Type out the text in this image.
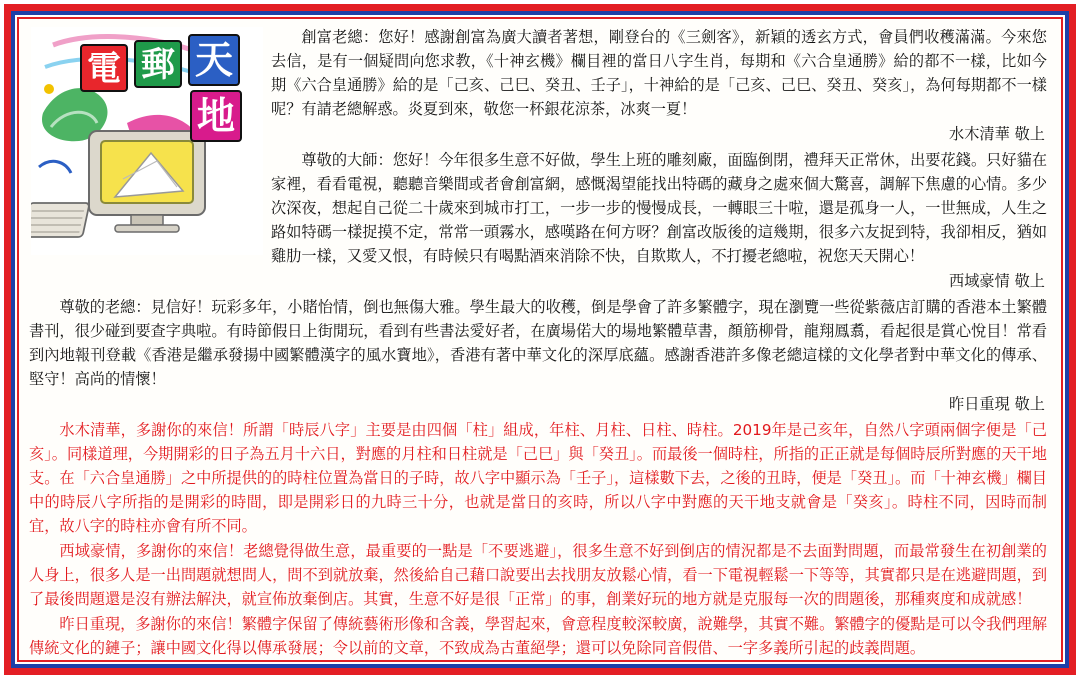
電 郵 天
地

創富老總：您好！感謝創富為廣大讀者著想，剛登台的《三劍客》，新穎的透玄方式，會員們收穫滿滿。今來您去信，是有一個疑問向您求教，《十神玄機》欄目裡的當日八字生肖，每期和《六合皇通勝》給的都不一樣，比如今期《六合皇通勝》給的是「己亥、己巳、癸丑、壬子」，十神給的是「己亥、己巳、癸丑、癸亥」，為何每期都不一樣呢？有請老總解惑。炎夏到來，敬您一杯銀花涼茶，冰爽一夏！

水木清華 敬上

尊敬的大師：您好！今年很多生意不好做，學生上班的雕刻廠，面臨倒閉，禮拜天正常休，出要花錢。只好貓在家裡，看看電視，聽聽音樂間或者會創富網，感慨渴望能找出特碼的藏身之處來個大驚喜，調解下焦慮的心情。多少次深夜，想起自己從二十歲來到城市打工，一步一步的慢慢成長，一轉眼三十啦，還是孤身一人，一世無成，人生之路如特碼一樣捉摸不定，常常一頭霧水，感嘆路在何方呀？創富改版後的這幾期，很多六友捉到特，我卻相反，猶如雞肋一樣，又愛又恨，有時候只有喝點酒來消除不快，自欺欺人，不打擾老總啦，祝您天天開心！

西域豪情 敬上

尊敬的老總：見信好！玩彩多年，小賭怡情，倒也無傷大雅。學生最大的收穫，倒是學會了許多繁體字，現在瀏覽一些從紫薇店訂購的香港本土繁體書刊，很少碰到要查字典啦。有時節假日上街閒玩，看到有些書法愛好者，在廣場偌大的場地繁體草書，顏筋柳骨，龍翔鳳翥，看起很是賞心悅目！常看到內地報刊登載《香港是繼承發揚中國繁體漢字的風水寶地》，香港有著中華文化的深厚底蘊。感謝香港許多像老總這樣的文化學者對中華文化的傳承、堅守！高尚的情懷！

昨日重現 敬上

水木清華，多謝你的來信！所謂「時辰八字」主要是由四個「柱」組成，年柱、月柱、日柱、時柱。2019年是己亥年，自然八字頭兩個字便是「己亥」。同樣道理，今期開彩的日子為五月十六日，對應的月柱和日柱就是「己巳」與「癸丑」。而最後一個時柱，所指的正正就是每個時辰所對應的天干地支。在「六合皇通勝」之中所提供的的時柱位置為當日的子時，故八字中顯示為「壬子」，這樣數下去，之後的丑時，便是「癸丑」。而「十神玄機」欄目中的時辰八字所指的是開彩的時間，即是開彩日的九時三十分，也就是當日的亥時，所以八字中對應的天干地支就會是「癸亥」。時柱不同，因時而制宜，故八字的時柱亦會有所不同。

西域豪情，多謝你的來信！老總覺得做生意，最重要的一點是「不要逃避」，很多生意不好到倒店的情況都是不去面對問題，而最常發生在初創業的人身上，很多人是一出問題就想問人，問不到就放棄，然後給自己藉口說要出去找朋友放鬆心情，看一下電視輕鬆一下等等，其實都只是在逃避問題，到了最後問題還是沒有辦法解決，就宣佈放棄倒店。其實，生意不好是很「正常」的事，創業好玩的地方就是克服每一次的問題後，那種爽度和成就感！

昨日重現，多謝你的來信！繁體字保留了傳統藝術形像和含義，學習起來，會意程度較深較廣，說難學，其實不難。繁體字的優點是可以令我們理解傳統文化的鏈子；讓中國文化得以傳承發展；令以前的文章，不致成為古董絕學；還可以免除同音假借、一字多義所引起的歧義問題。
